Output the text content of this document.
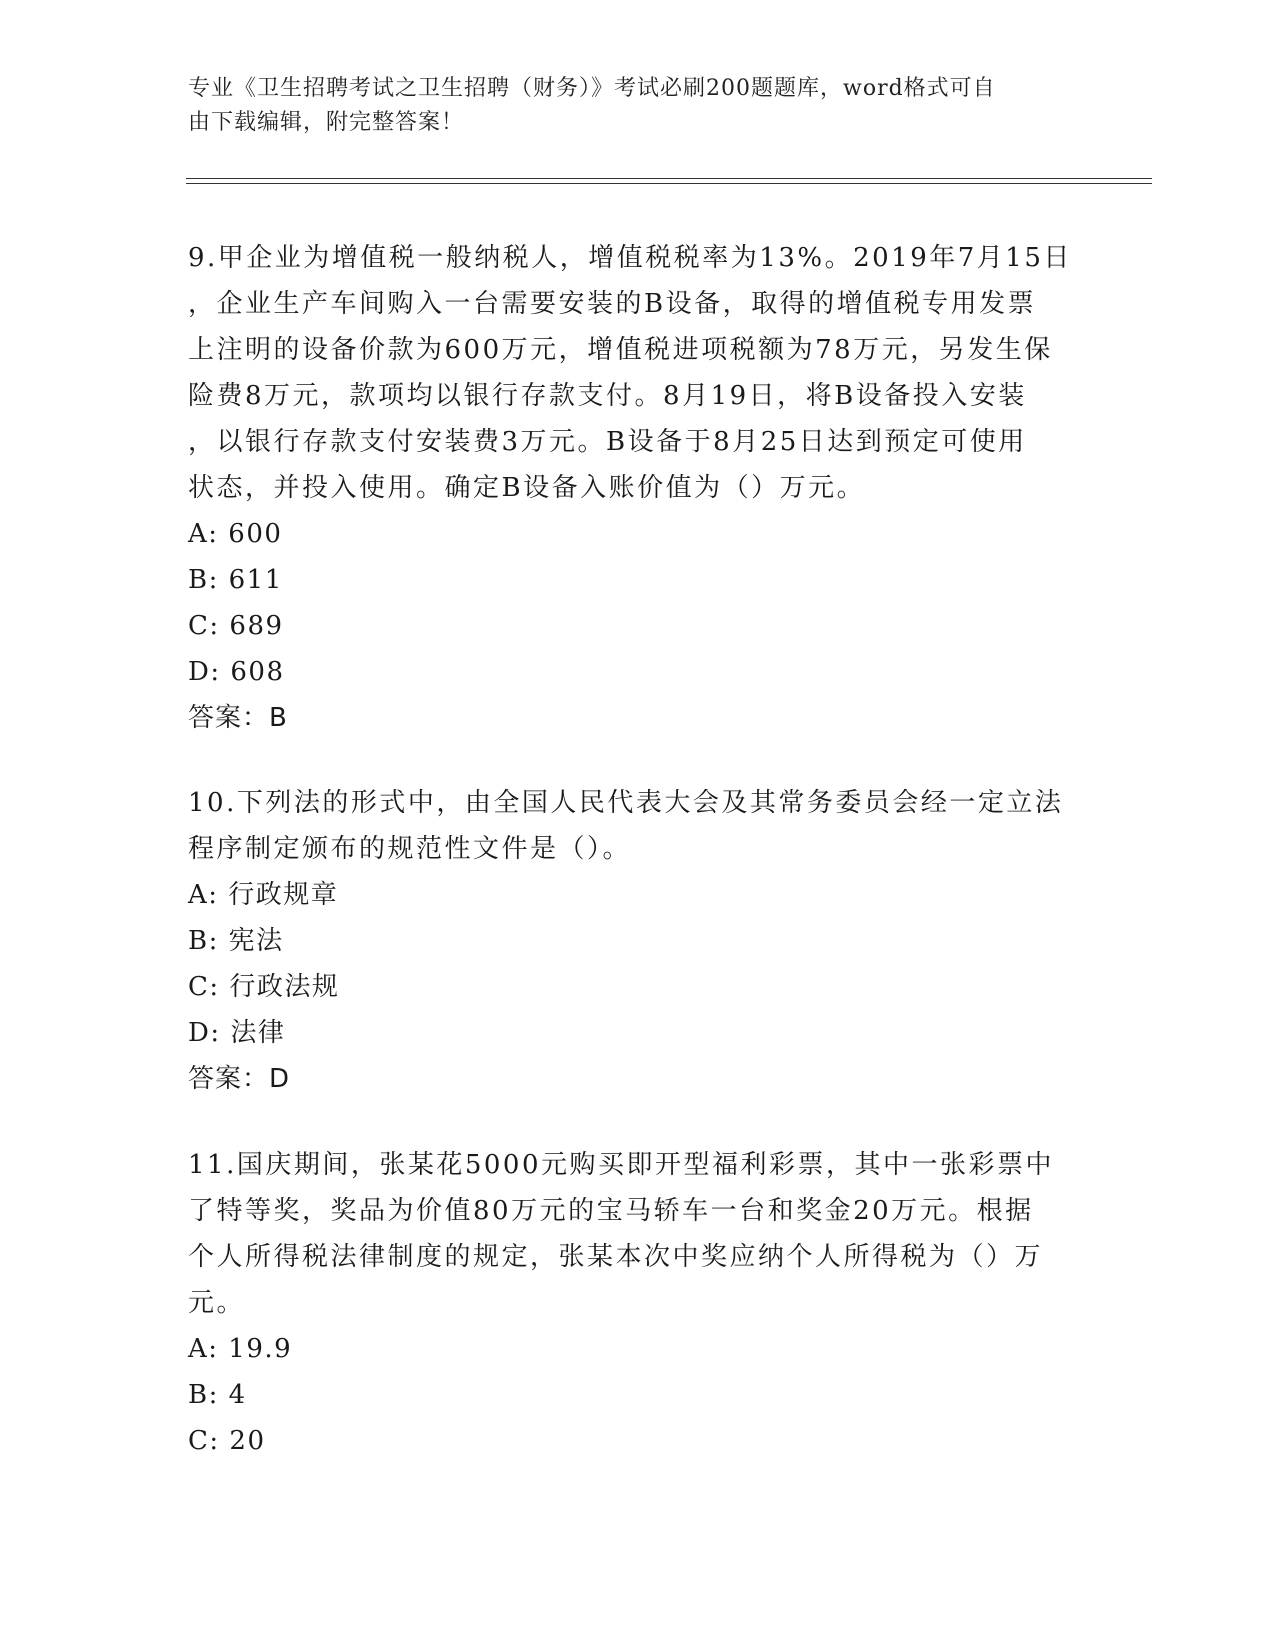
专业《卫生招聘考试之卫生招聘（财务）》考试必刷200题题库，word格式可自
由下载编辑，附完整答案！

9.甲企业为增值税一般纳税人，增值税税率为13%。2019年7月15日

，企业生产车间购入一台需要安装的B设备，取得的增值税专用发票

上注明的设备价款为600万元，增值税进项税额为78万元，另发生保

险费8万元，款项均以银行存款支付。8月19日，将B设备投入安装

，以银行存款支付安装费3万元。B设备于8月25日达到预定可使用

状态，并投入使用。确定B设备入账价值为（）万元。

A: 600

B: 611

C: 689

D: 608

答案：B

10.下列法的形式中，由全国人民代表大会及其常务委员会经一定立法

程序制定颁布的规范性文件是（）。

A: 行政规章

B: 宪法

C: 行政法规

D: 法律

答案：D

11.国庆期间，张某花5000元购买即开型福利彩票，其中一张彩票中

了特等奖，奖品为价值80万元的宝马轿车一台和奖金20万元。根据

个人所得税法律制度的规定，张某本次中奖应纳个人所得税为（）万

元。

A: 19.9

B: 4

C: 20
